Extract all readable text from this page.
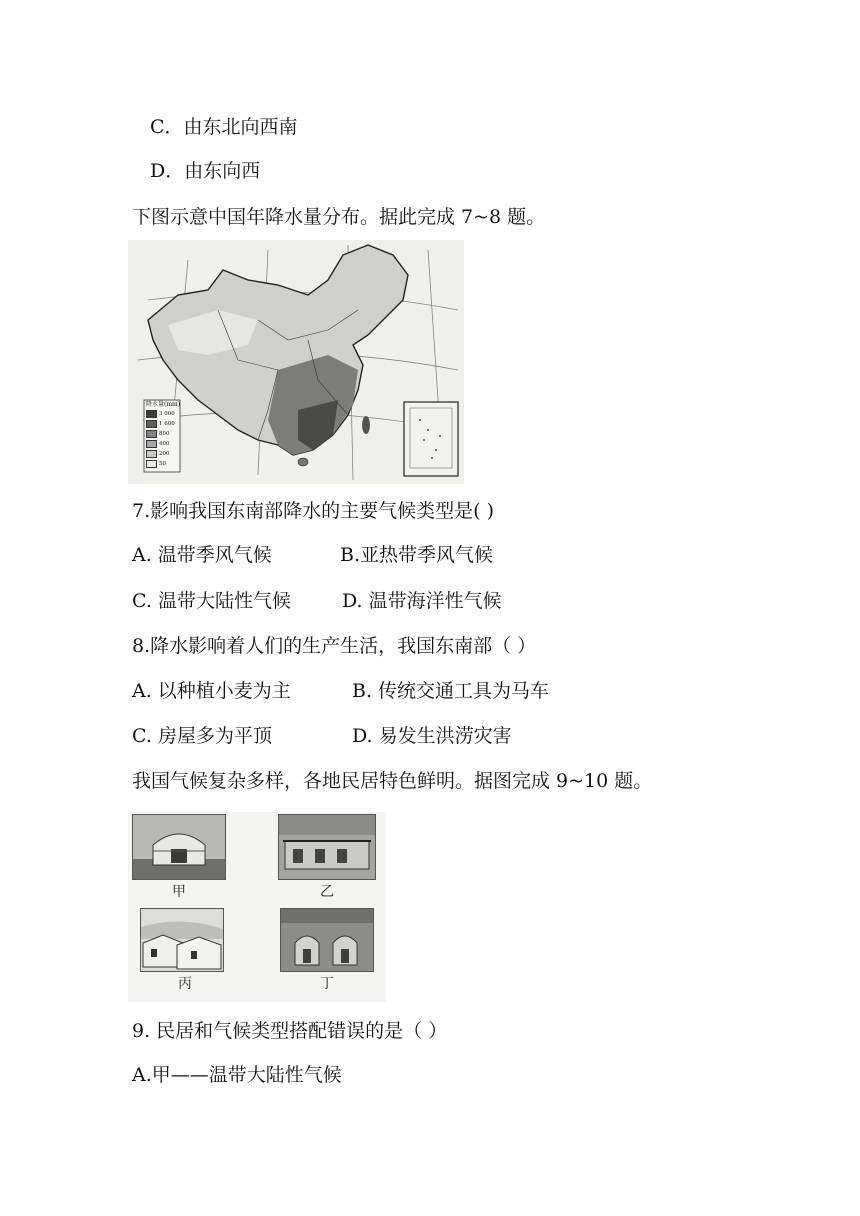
C．由东北向西南
D．由东向西
下图示意中国年降水量分布。据此完成 7~8 题。
降水量(mm)
3 000
1 600
800
400
200
50
7.影响我国东南部降水的主要气候类型是( )
A. 温带季风气候	B.亚热带季风气候
C. 温带大陆性气候	D. 温带海洋性气候
8.降水影响着人们的生产生活，我国东南部（ ）
A. 以种植小麦为主	B. 传统交通工具为马车
C. 房屋多为平顶	D. 易发生洪涝灾害
我国气候复杂多样，各地民居特色鲜明。据图完成 9~10 题。
甲	乙
丙	丁
9. 民居和气候类型搭配错误的是（ ）
A.甲——温带大陆性气候
